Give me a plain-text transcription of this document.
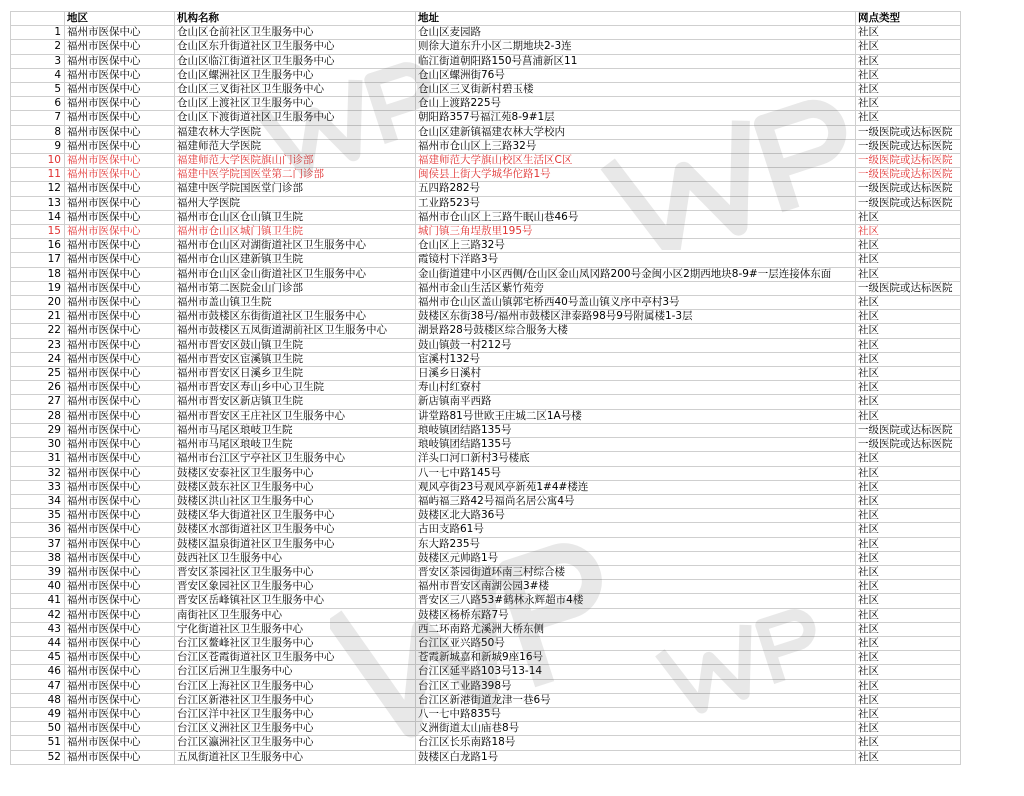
	地区	机构名称	地址	网点类型
1	福州市医保中心	仓山区仓前社区卫生服务中心	仓山区麦园路	社区
2	福州市医保中心	仓山区东升街道社区卫生服务中心	则徐大道东升小区二期地块2-3连	社区
3	福州市医保中心	仓山区临江街道社区卫生服务中心	临江街道朝阳路150号菖浦新区11	社区
4	福州市医保中心	仓山区螺洲社区卫生服务中心	仓山区螺洲街76号	社区
5	福州市医保中心	仓山区三叉街社区卫生服务中心	仓山区三叉街新村碧玉楼	社区
6	福州市医保中心	仓山区上渡社区卫生服务中心	仓山上渡路225号	社区
7	福州市医保中心	仓山区下渡街道社区卫生服务中心	朝阳路357号福江苑8-9#1层	社区
8	福州市医保中心	福建农林大学医院	仓山区建新镇福建农林大学校内	一级医院或达标医院
9	福州市医保中心	福建师范大学医院	福州市仓山区上三路32号	一级医院或达标医院
10	福州市医保中心	福建师范大学医院旗山门诊部	福建师范大学旗山校区生活区C区	一级医院或达标医院
11	福州市医保中心	福建中医学院国医堂第二门诊部	闽侯县上街大学城华佗路1号	一级医院或达标医院
12	福州市医保中心	福建中医学院国医堂门诊部	五四路282号	一级医院或达标医院
13	福州市医保中心	福州大学医院	工业路523号	一级医院或达标医院
14	福州市医保中心	福州市仓山区仓山镇卫生院	福州市仓山区上三路牛眠山巷46号	社区
15	福州市医保中心	福州市仓山区城门镇卫生院	城门镇三角埕敖里195号	社区
16	福州市医保中心	福州市仓山区对湖街道社区卫生服务中心	仓山区上三路32号	社区
17	福州市医保中心	福州市仓山区建新镇卫生院	霞镜村下洋路3号	社区
18	福州市医保中心	福州市仓山区金山街道社区卫生服务中心	金山街道建中小区西侧/仓山区金山凤冈路200号金闽小区2期西地块8-9#一层连接体东面	社区
19	福州市医保中心	福州市第二医院金山门诊部	福州市金山生活区紫竹苑旁	一级医院或达标医院
20	福州市医保中心	福州市盖山镇卫生院	福州市仓山区盖山镇郭宅桥西40号盖山镇义序中亭村3号	社区
21	福州市医保中心	福州市鼓楼区东街街道社区卫生服务中心	鼓楼区东街38号/福州市鼓楼区津泰路98号9号附属楼1-3层	社区
22	福州市医保中心	福州市鼓楼区五凤街道湖前社区卫生服务中心	湖景路28号鼓楼区综合服务大楼	社区
23	福州市医保中心	福州市晋安区鼓山镇卫生院	鼓山镇鼓一村212号	社区
24	福州市医保中心	福州市晋安区宦溪镇卫生院	宦溪村132号	社区
25	福州市医保中心	福州市晋安区日溪乡卫生院	日溪乡日溪村	社区
26	福州市医保中心	福州市晋安区寿山乡中心卫生院	寿山村红寮村	社区
27	福州市医保中心	福州市晋安区新店镇卫生院	新店镇南平西路	社区
28	福州市医保中心	福州市晋安区王庄社区卫生服务中心	讲堂路81号世欧王庄城二区1A号楼	社区
29	福州市医保中心	福州市马尾区琅岐卫生院	琅岐镇团结路135号	一级医院或达标医院
30	福州市医保中心	福州市马尾区琅岐卫生院	琅岐镇团结路135号	一级医院或达标医院
31	福州市医保中心	福州市台江区宁亭社区卫生服务中心	洋头口河口新村3号楼底	社区
32	福州市医保中心	鼓楼区安泰社区卫生服务中心	八一七中路145号	社区
33	福州市医保中心	鼓楼区鼓东社区卫生服务中心	观风亭街23号观风亭新苑1#4#楼连	社区
34	福州市医保中心	鼓楼区洪山社区卫生服务中心	福屿福三路42号福尚名居公寓4号	社区
35	福州市医保中心	鼓楼区华大街道社区卫生服务中心	鼓楼区北大路36号	社区
36	福州市医保中心	鼓楼区水部街道社区卫生服务中心	古田支路61号	社区
37	福州市医保中心	鼓楼区温泉街道社区卫生服务中心	东大路235号	社区
38	福州市医保中心	鼓西社区卫生服务中心	鼓楼区元帅路1号	社区
39	福州市医保中心	晋安区茶园社区卫生服务中心	晋安区茶园街道环南三村综合楼	社区
40	福州市医保中心	晋安区象园社区卫生服务中心	福州市晋安区南湖公园3#楼	社区
41	福州市医保中心	晋安区岳峰镇社区卫生服务中心	晋安区三八路53#鹤林永辉超市4楼	社区
42	福州市医保中心	南街社区卫生服务中心	鼓楼区杨桥东路7号	社区
43	福州市医保中心	宁化街道社区卫生服务中心	西二环南路尤溪洲大桥东侧	社区
44	福州市医保中心	台江区鳌峰社区卫生服务中心	台江区亚兴路50号	社区
45	福州市医保中心	台江区苍霞街道社区卫生服务中心	苍霞新城嘉和新城9座16号	社区
46	福州市医保中心	台江区后洲卫生服务中心	台江区延平路103号13-14	社区
47	福州市医保中心	台江区上海社区卫生服务中心	台江区工业路398号	社区
48	福州市医保中心	台江区新港社区卫生服务中心	台江区新港街道龙津一巷6号	社区
49	福州市医保中心	台江区洋中社区卫生服务中心	八一七中路835号	社区
50	福州市医保中心	台江区义洲社区卫生服务中心	义洲街道太山庙巷8号	社区
51	福州市医保中心	台江区瀛洲社区卫生服务中心	台江区长乐南路18号	社区
52	福州市医保中心	五凤街道社区卫生服务中心	鼓楼区白龙路1号	社区
